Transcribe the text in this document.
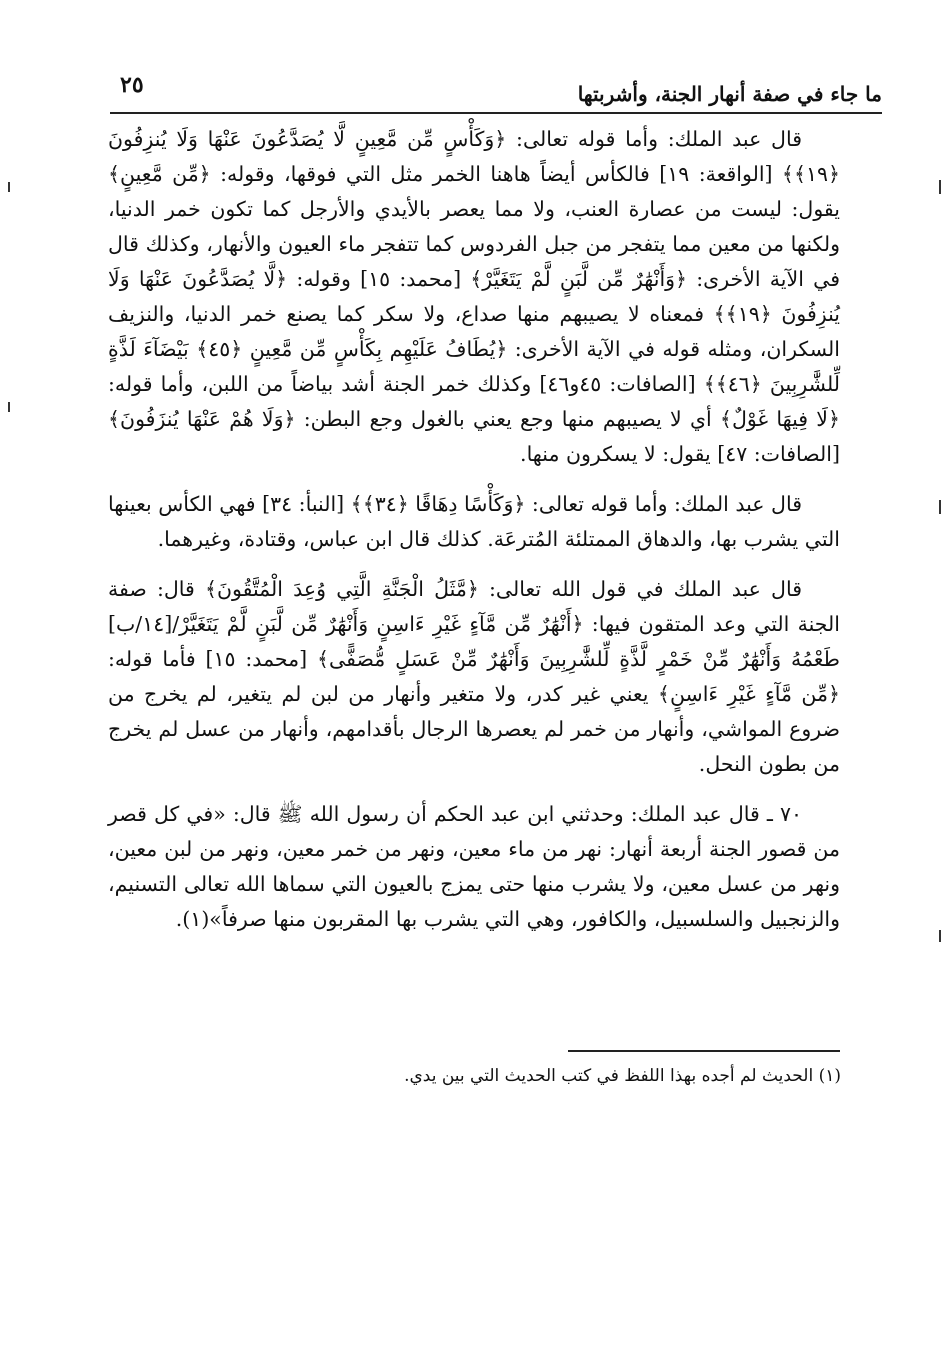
٢٥	ما جاء في صفة أنهار الجنة، وأشربتها

قال عبد الملك: وأما قوله تعالى: ﴿وَكَأْسٍ مِّن مَّعِينٍ لَّا يُصَدَّعُونَ عَنْهَا وَلَا يُنزِفُونَ ﴿١٩﴾﴾ [الواقعة: ١٩] فالكأس أيضاً هاهنا الخمر مثل التي فوقها، وقوله: ﴿مِّن مَّعِينٍ﴾ يقول: ليست من عصارة العنب، ولا مما يعصر بالأيدي والأرجل كما تكون خمر الدنيا، ولكنها من معين مما يتفجر من جبل الفردوس كما تتفجر ماء العيون والأنهار، وكذلك قال في الآية الأخرى: ﴿وَأَنْهَٰرٌ مِّن لَّبَنٍ لَّمْ يَتَغَيَّرْ﴾ [محمد: ١٥] وقوله: ﴿لَّا يُصَدَّعُونَ عَنْهَا وَلَا يُنزِفُونَ ﴿١٩﴾﴾ فمعناه لا يصيبهم منها صداع، ولا سكر كما يصنع خمر الدنيا، والنزيف السكران، ومثله قوله في الآية الأخرى: ﴿يُطَافُ عَلَيْهِم بِكَأْسٍ مِّن مَّعِينٍ ﴿٤٥﴾ بَيْضَآءَ لَذَّةٍ لِّلشَّٰرِبِينَ ﴿٤٦﴾﴾ [الصافات: ٤٥و٤٦] وكذلك خمر الجنة أشد بياضاً من اللبن، وأما قوله: ﴿لَا فِيهَا غَوْلٌ﴾ أي لا يصيبهم منها وجع يعني بالغول وجع البطن: ﴿وَلَا هُمْ عَنْهَا يُنزَفُونَ﴾ [الصافات: ٤٧] يقول: لا يسكرون منها.

قال عبد الملك: وأما قوله تعالى: ﴿وَكَأْسًا دِهَاقًا ﴿٣٤﴾﴾ [النبأ: ٣٤] فهي الكأس بعينها التي يشرب بها، والدهاق الممتلئة المُترعَة. كذلك قال ابن عباس، وقتادة، وغيرهما.

قال عبد الملك في قول الله تعالى: ﴿مَّثَلُ الْجَنَّةِ الَّتِي وُعِدَ الْمُتَّقُونَ﴾ قال: صفة الجنة التي وعد المتقون فيها: ﴿أَنْهَٰرٌ مِّن مَّآءٍ غَيْرِ ءَاسِنٍ وَأَنْهَٰرٌ مِّن لَّبَنٍ لَّمْ يَتَغَيَّرْ/[١٤/ب] طَعْمُهُ وَأَنْهَٰرٌ مِّنْ خَمْرٍ لَّذَّةٍ لِّلشَّٰرِبِينَ وَأَنْهَٰرٌ مِّنْ عَسَلٍ مُّصَفًّى﴾ [محمد: ١٥] فأما قوله: ﴿مِّن مَّآءٍ غَيْرِ ءَاسِنٍ﴾ يعني غير كدر، ولا متغير وأنهار من لبن لم يتغير، لم يخرج من ضروع المواشي، وأنهار من خمر لم يعصرها الرجال بأقدامهم، وأنهار من عسل لم يخرج من بطون النحل.

٧٠ ـ قال عبد الملك: وحدثني ابن عبد الحكم أن رسول الله ﷺ قال: «في كل قصر من قصور الجنة أربعة أنهار: نهر من ماء معين، ونهر من خمر معين، ونهر من لبن معين، ونهر من عسل معين، ولا يشرب منها حتى يمزج بالعيون التي سماها الله تعالى التسنيم، والزنجبيل والسلسبيل، والكافور، وهي التي يشرب بها المقربون منها صرفاً»(١).

(١) الحديث لم أجده بهذا اللفظ في كتب الحديث التي بين يدي.
